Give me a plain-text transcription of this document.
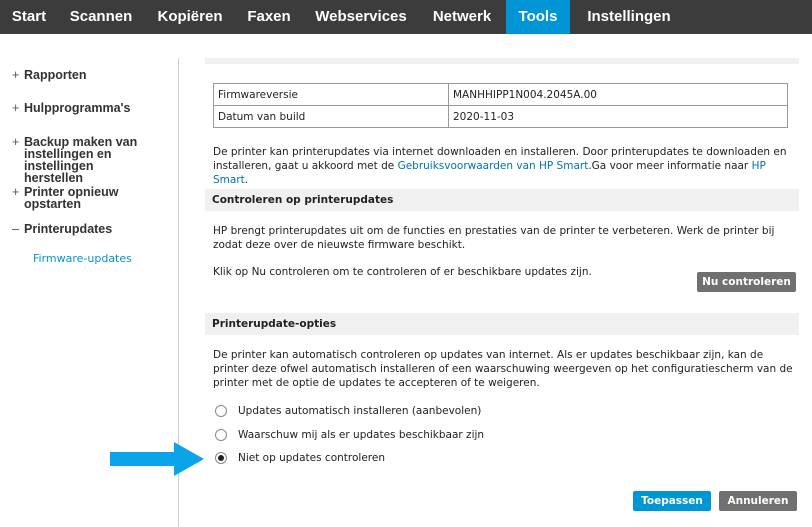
Start	Scannen	Kopiëren	Faxen	Webservices	Netwerk	Tools	Instellingen
+ Rapporten
+ Hulpprogramma's
+ Backup maken van instellingen en instellingen herstellen
+ Printer opnieuw opstarten
– Printerupdates
Firmware-updates
Firmwareversie	MANHHIPP1N004.2045A.00
Datum van build	2020-11-03
De printer kan printerupdates via internet downloaden en installeren. Door printerupdates te downloaden en installeren, gaat u akkoord met de Gebruiksvoorwaarden van HP Smart.Ga voor meer informatie naar HP Smart.
Controleren op printerupdates
HP brengt printerupdates uit om de functies en prestaties van de printer te verbeteren. Werk de printer bij zodat deze over de nieuwste firmware beschikt.
Klik op Nu controleren om te controleren of er beschikbare updates zijn.
Nu controleren
Printerupdate-opties
De printer kan automatisch controleren op updates van internet. Als er updates beschikbaar zijn, kan de printer deze ofwel automatisch installeren of een waarschuwing weergeven op het configuratiescherm van de printer met de optie de updates te accepteren of te weigeren.
Updates automatisch installeren (aanbevolen)
Waarschuw mij als er updates beschikbaar zijn
Niet op updates controleren
Toepassen	Annuleren
